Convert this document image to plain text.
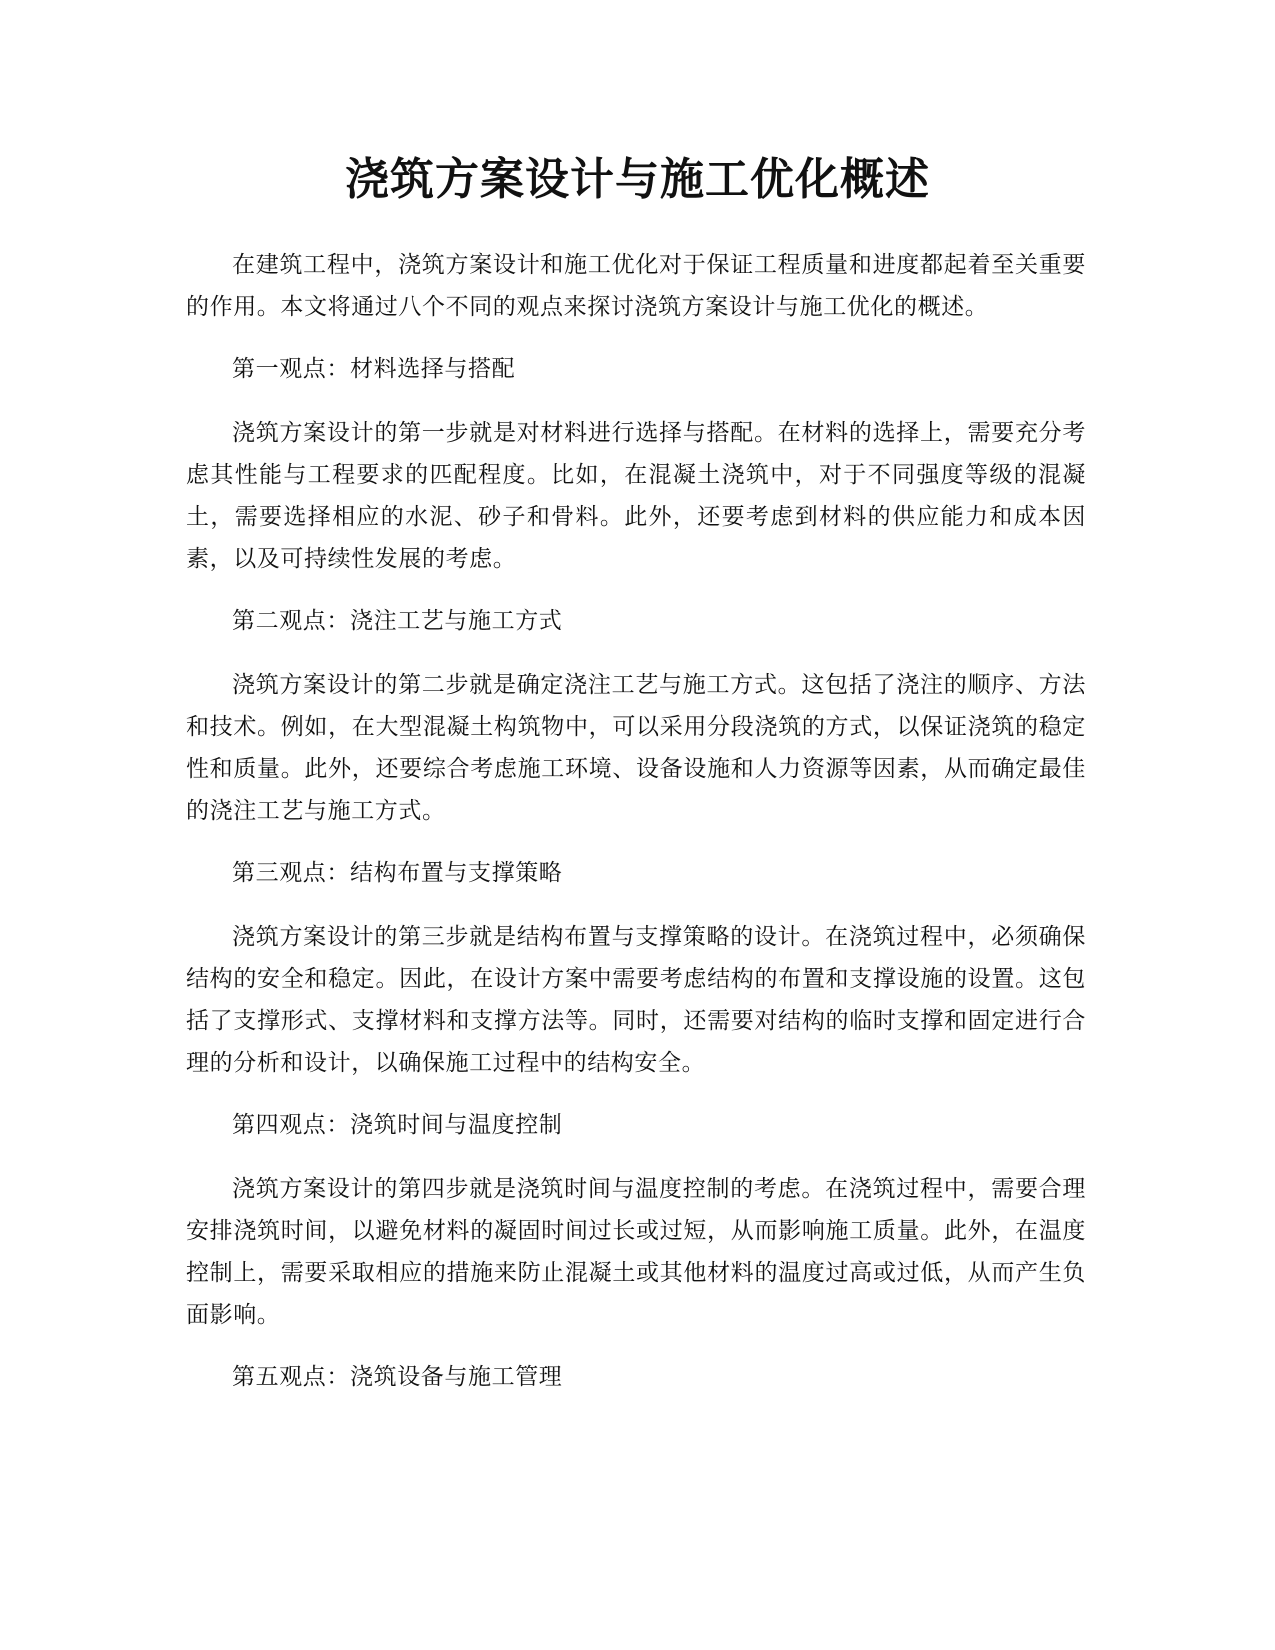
浇筑方案设计与施工优化概述

在建筑工程中，浇筑方案设计和施工优化对于保证工程质量和进度都起着至关重要的作用。本文将通过八个不同的观点来探讨浇筑方案设计与施工优化的概述。

第一观点：材料选择与搭配

浇筑方案设计的第一步就是对材料进行选择与搭配。在材料的选择上，需要充分考虑其性能与工程要求的匹配程度。比如，在混凝土浇筑中，对于不同强度等级的混凝土，需要选择相应的水泥、砂子和骨料。此外，还要考虑到材料的供应能力和成本因素，以及可持续性发展的考虑。

第二观点：浇注工艺与施工方式

浇筑方案设计的第二步就是确定浇注工艺与施工方式。这包括了浇注的顺序、方法和技术。例如，在大型混凝土构筑物中，可以采用分段浇筑的方式，以保证浇筑的稳定性和质量。此外，还要综合考虑施工环境、设备设施和人力资源等因素，从而确定最佳的浇注工艺与施工方式。

第三观点：结构布置与支撑策略

浇筑方案设计的第三步就是结构布置与支撑策略的设计。在浇筑过程中，必须确保结构的安全和稳定。因此，在设计方案中需要考虑结构的布置和支撑设施的设置。这包括了支撑形式、支撑材料和支撑方法等。同时，还需要对结构的临时支撑和固定进行合理的分析和设计，以确保施工过程中的结构安全。

第四观点：浇筑时间与温度控制

浇筑方案设计的第四步就是浇筑时间与温度控制的考虑。在浇筑过程中，需要合理安排浇筑时间，以避免材料的凝固时间过长或过短，从而影响施工质量。此外，在温度控制上，需要采取相应的措施来防止混凝土或其他材料的温度过高或过低，从而产生负面影响。

第五观点：浇筑设备与施工管理
